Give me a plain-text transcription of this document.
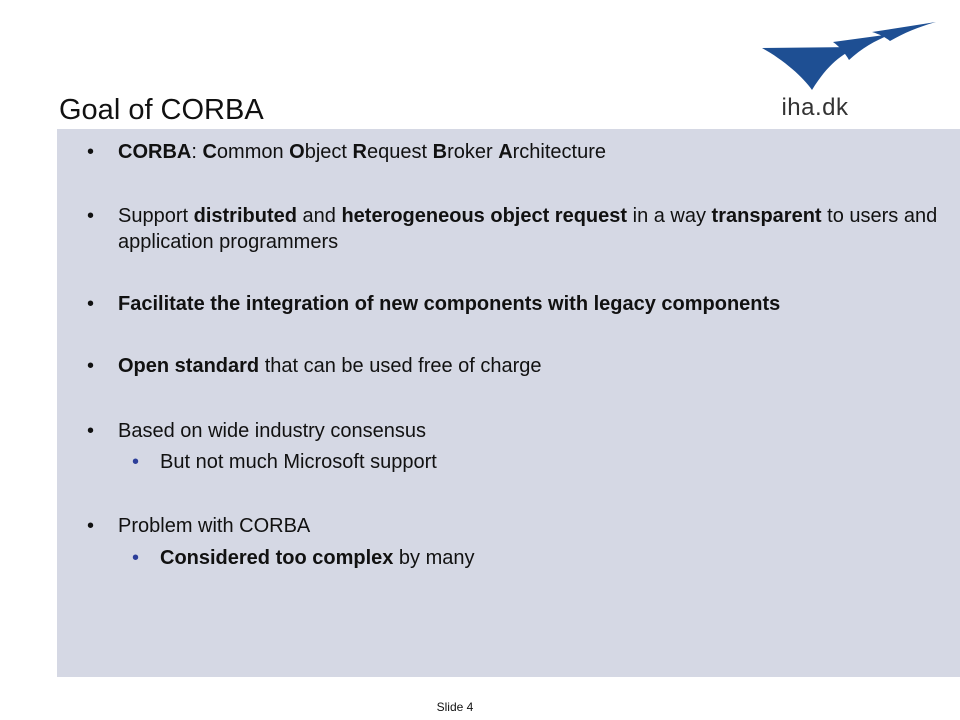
Goal of CORBA	iha.dk
• CORBA: Common Object Request Broker Architecture
• Support distributed and heterogeneous object request in a way transparent to users and application programmers
• Facilitate the integration of new components with legacy components
• Open standard that can be used free of charge
• Based on wide industry consensus
• But not much Microsoft support
• Problem with CORBA
• Considered too complex by many
Slide 4
